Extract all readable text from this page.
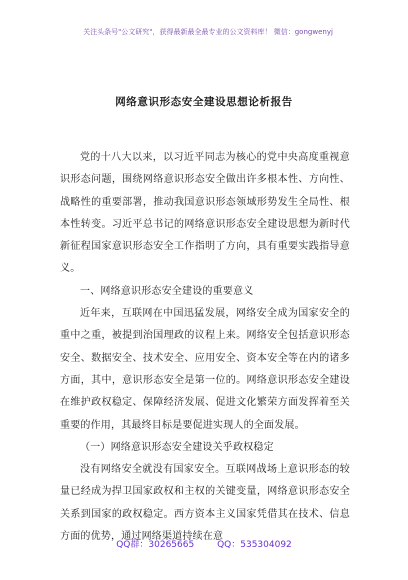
关注头条号"公文研究"，获得最新最全最专业的公文资料库！ 微信：gongwenyj
网络意识形态安全建设思想论析报告

党的十八大以来，以习近平同志为核心的党中央高度重视意识形态问题，围绕网络意识形态安全做出许多根本性、方向性、战略性的重要部署，推动我国意识形态领域形势发生全局性、根本性转变。习近平总书记的网络意识形态安全建设思想为新时代新征程国家意识形态安全工作指明了方向，具有重要实践指导意义。

一、网络意识形态安全建设的重要意义

近年来，互联网在中国迅猛发展，网络安全成为国家安全的重中之重，被提到治国理政的议程上来。网络安全包括意识形态安全、数据安全、技术安全、应用安全、资本安全等在内的诸多方面，其中，意识形态安全是第一位的。网络意识形态安全建设在维护政权稳定、保障经济发展、促进文化繁荣方面发挥着至关重要的作用，其最终目标是要促进实现人的全面发展。

（一）网络意识形态安全建设关乎政权稳定

没有网络安全就没有国家安全。互联网战场上意识形态的较量已经成为捍卫国家政权和主权的关键变量，网络意识形态安全关系到国家的政权稳定。西方资本主义国家凭借其在技术、信息方面的优势，通过网络渠道持续在意

QQ群：30265665	QQ：535304092
